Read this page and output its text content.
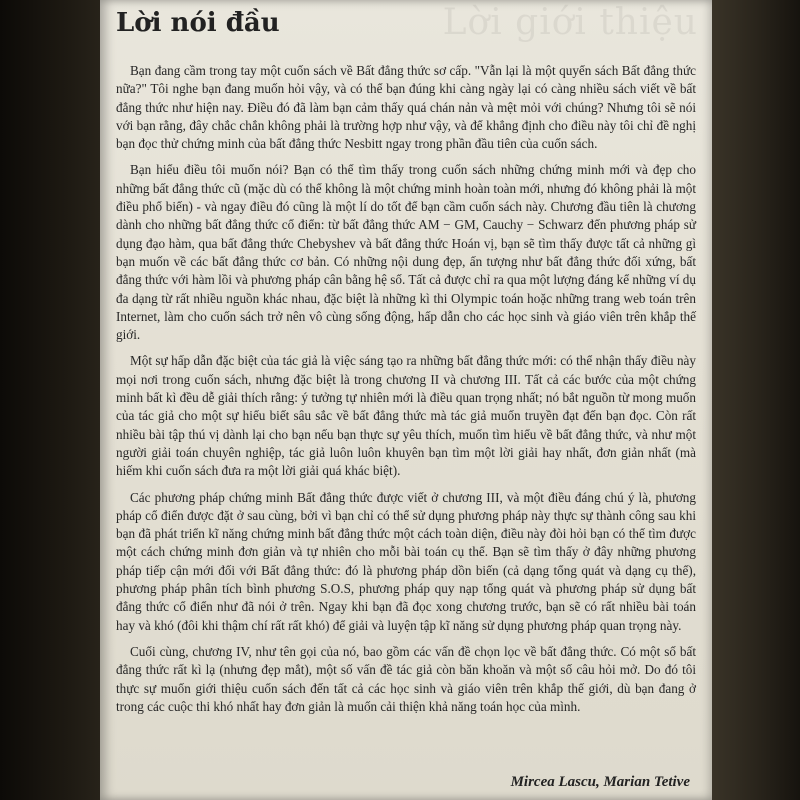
Lời giới thiệu
Lời nói đầu

Bạn đang cầm trong tay một cuốn sách về Bất đẳng thức sơ cấp. "Vẫn lại là một quyển sách Bất đẳng thức nữa?" Tôi nghe bạn đang muốn hỏi vậy, và có thể bạn đúng khi càng ngày lại có càng nhiều sách viết về bất đẳng thức như hiện nay. Điều đó đã làm bạn cảm thấy quá chán nản và mệt mỏi với chúng? Nhưng tôi sẽ nói với bạn rằng, đây chắc chắn không phải là trường hợp như vậy, và để khẳng định cho điều này tôi chỉ đề nghị bạn đọc thử chứng minh của bất đẳng thức Nesbitt ngay trong phần đầu tiên của cuốn sách.

Bạn hiểu điều tôi muốn nói? Bạn có thể tìm thấy trong cuốn sách những chứng minh mới và đẹp cho những bất đẳng thức cũ (mặc dù có thể không là một chứng minh hoàn toàn mới, nhưng đó không phải là một điều phổ biến) - và ngay điều đó cũng là một lí do tốt để bạn cầm cuốn sách này. Chương đầu tiên là chương dành cho những bất đẳng thức cổ điển: từ bất đẳng thức AM − GM, Cauchy − Schwarz đến phương pháp sử dụng đạo hàm, qua bất đẳng thức Chebyshev và bất đẳng thức Hoán vị, bạn sẽ tìm thấy được tất cả những gì bạn muốn về các bất đẳng thức cơ bản. Có những nội dung đẹp, ấn tượng như bất đẳng thức đối xứng, bất đẳng thức với hàm lồi và phương pháp cân bằng hệ số. Tất cả được chỉ ra qua một lượng đáng kể những ví dụ đa dạng từ rất nhiều nguồn khác nhau, đặc biệt là những kì thi Olympic toán hoặc những trang web toán trên Internet, làm cho cuốn sách trở nên vô cùng sống động, hấp dẫn cho các học sinh và giáo viên trên khắp thế giới.

Một sự hấp dẫn đặc biệt của tác giả là việc sáng tạo ra những bất đẳng thức mới: có thể nhận thấy điều này mọi nơi trong cuốn sách, nhưng đặc biệt là trong chương II và chương III. Tất cả các bước của một chứng minh bất kì đều dễ giải thích rằng: ý tưởng tự nhiên mới là điều quan trọng nhất; nó bắt nguồn từ mong muốn của tác giả cho một sự hiểu biết sâu sắc về bất đẳng thức mà tác giả muốn truyền đạt đến bạn đọc. Còn rất nhiều bài tập thú vị dành lại cho bạn nếu bạn thực sự yêu thích, muốn tìm hiểu về bất đẳng thức, và như một người giải toán chuyên nghiệp, tác giả luôn luôn khuyên bạn tìm một lời giải hay nhất, đơn giản nhất (mà hiếm khi cuốn sách đưa ra một lời giải quá khác biệt).

Các phương pháp chứng minh Bất đẳng thức được viết ở chương III, và một điều đáng chú ý là, phương pháp cổ điển được đặt ở sau cùng, bởi vì bạn chỉ có thể sử dụng phương pháp này thực sự thành công sau khi bạn đã phát triển kĩ năng chứng minh bất đẳng thức một cách toàn diện, điều này đòi hỏi bạn có thể tìm được một cách chứng minh đơn giản và tự nhiên cho mỗi bài toán cụ thể. Bạn sẽ tìm thấy ở đây những phương pháp tiếp cận mới đối với Bất đẳng thức: đó là phương pháp dồn biến (cả dạng tổng quát và dạng cụ thể), phương pháp phân tích bình phương S.O.S, phương pháp quy nạp tổng quát và phương pháp sử dụng bất đẳng thức cổ điển như đã nói ở trên. Ngay khi bạn đã đọc xong chương trước, bạn sẽ có rất nhiều bài toán hay và khó (đôi khi thậm chí rất rất khó) để giải và luyện tập kĩ năng sử dụng phương pháp quan trọng này.

Cuối cùng, chương IV, như tên gọi của nó, bao gồm các vấn đề chọn lọc về bất đẳng thức. Có một số bất đẳng thức rất kì lạ (nhưng đẹp mắt), một số vấn đề tác giả còn băn khoăn và một số câu hỏi mở. Do đó tôi thực sự muốn giới thiệu cuốn sách đến tất cả các học sinh và giáo viên trên khắp thế giới, dù bạn đang ở trong các cuộc thi khó nhất hay đơn giản là muốn cải thiện khả năng toán học của mình.

Mircea Lascu, Marian Tetive
